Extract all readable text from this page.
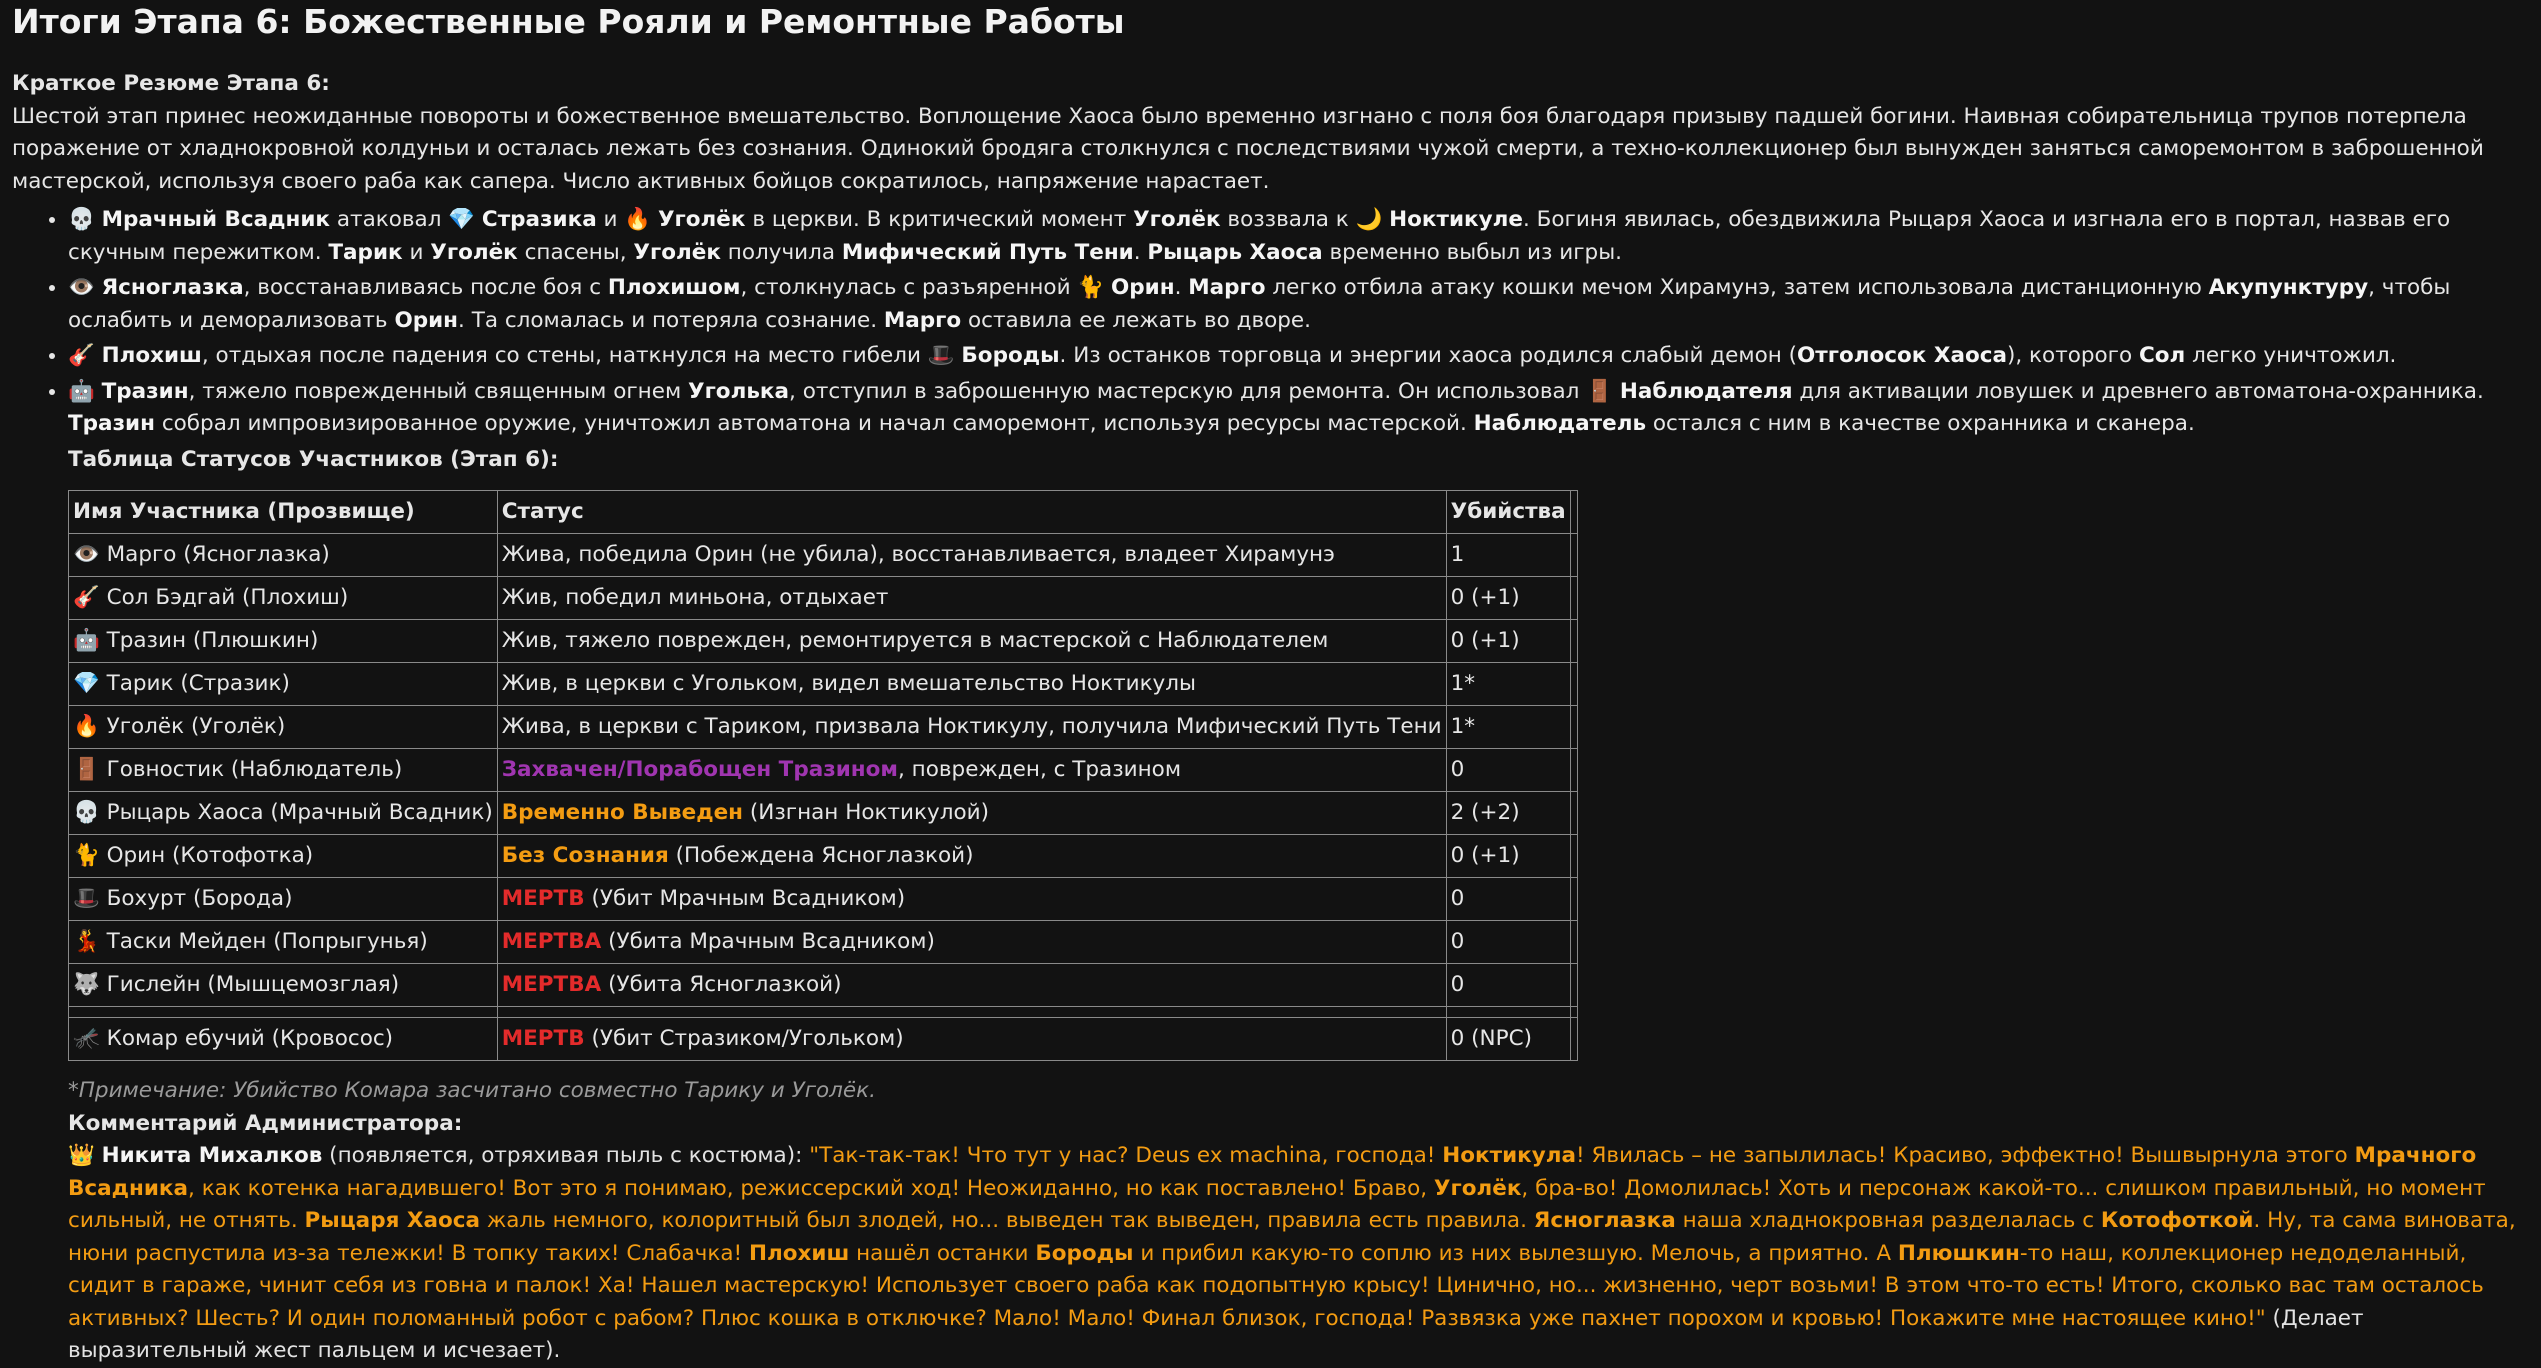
Итоги Этапа 6: Божественные Рояли и Ремонтные Работы
Краткое Резюме Этапа 6:

Шестой этап принес неожиданные повороты и божественное вмешательство. Воплощение Хаоса было временно изгнано с поля боя благодаря призыву падшей богини. Наивная собирательница трупов потерпела поражение от хладнокровной колдуньи и осталась лежать без сознания. Одинокий бродяга столкнулся с последствиями чужой смерти, а техно-коллекционер был вынужден заняться саморемонтом в заброшенной мастерской, используя своего раба как сапера. Число активных бойцов сократилось, напряжение нарастает.

• 💀 Мрачный Всадник атаковал 💎 Стразика и 🔥 Уголёк в церкви. В критический момент Уголёк воззвала к 🌙 Ноктикуле. Богиня явилась, обездвижила Рыцаря Хаоса и изгнала его в портал, назвав его скучным пережитком. Тарик и Уголёк спасены, Уголёк получила Мифический Путь Тени. Рыцарь Хаоса временно выбыл из игры.
• 👁️ Ясноглазка, восстанавливаясь после боя с Плохишом, столкнулась с разъяренной 🐈 Орин. Марго легко отбила атаку кошки мечом Хирамунэ, затем использовала дистанционную Акупунктуру, чтобы ослабить и деморализовать Орин. Та сломалась и потеряла сознание. Марго оставила ее лежать во дворе.
• 🎸 Плохиш, отдыхая после падения со стены, наткнулся на место гибели 🎩 Бороды. Из останков торговца и энергии хаоса родился слабый демон (Отголосок Хаоса), которого Сол легко уничтожил.
• 🤖 Тразин, тяжело поврежденный священным огнем Уголька, отступил в заброшенную мастерскую для ремонта. Он использовал 🚪 Наблюдателя для активации ловушек и древнего автоматона-охранника. Тразин собрал импровизированное оружие, уничтожил автоматона и начал саморемонт, используя ресурсы мастерской. Наблюдатель остался с ним в качестве охранника и сканера.
Таблица Статусов Участников (Этап 6):
Имя Участника (Прозвище)	Статус	Убийства	
👁️ Марго (Ясноглазка)	Жива, победила Орин (не убила), восстанавливается, владеет Хирамунэ	1	
🎸 Сол Бэдгай (Плохиш)	Жив, победил миньона, отдыхает	0 (+1)	
🤖 Тразин (Плюшкин)	Жив, тяжело поврежден, ремонтируется в мастерской с Наблюдателем	0 (+1)	
💎 Тарик (Стразик)	Жив, в церкви с Угольком, видел вмешательство Ноктикулы	1*	
🔥 Уголёк (Уголёк)	Жива, в церкви с Тариком, призвала Ноктикулу, получила Мифический Путь Тени	1*	
🚪 Говностик (Наблюдатель)	Захвачен/Порабощен Тразином, поврежден, с Тразином	0	
💀 Рыцарь Хаоса (Мрачный Всадник)	Временно Выведен (Изгнан Ноктикулой)	2 (+2)	
🐈 Орин (Котофотка)	Без Сознания (Побеждена Ясноглазкой)	0 (+1)	
🎩 Бохурт (Борода)	МЕРТВ (Убит Мрачным Всадником)	0	
💃 Таски Мейден (Попрыгунья)	МЕРТВА (Убита Мрачным Всадником)	0	
🐺 Гислейн (Мышцемозглая)	МЕРТВА (Убита Ясноглазкой)	0	

🦟 Комар ебучий (Кровосос)	МЕРТВ (Убит Стразиком/Угольком)	0 (NPC)	
*Примечание: Убийство Комара засчитано совместно Тарику и Уголёк.
Комментарий Администратора:
👑 Никита Михалков (появляется, отряхивая пыль с костюма): "Так-так-так! Что тут у нас? Deus ex machina, господа! Ноктикула! Явилась – не запылилась! Красиво, эффектно! Вышвырнула этого Мрачного Всадника, как котенка нагадившего! Вот это я понимаю, режиссерский ход! Неожиданно, но как поставлено! Браво, Уголёк, бра-во! Домолилась! Хоть и персонаж какой-то... слишком правильный, но момент сильный, не отнять. Рыцаря Хаоса жаль немного, колоритный был злодей, но... выведен так выведен, правила есть правила. Ясноглазка наша хладнокровная разделалась с Котофоткой. Ну, та сама виновата, нюни распустила из-за тележки! В топку таких! Слабачка! Плохиш нашёл останки Бороды и прибил какую-то соплю из них вылезшую. Мелочь, а приятно. А Плюшкин-то наш, коллекционер недоделанный, сидит в гараже, чинит себя из говна и палок! Ха! Нашел мастерскую! Использует своего раба как подопытную крысу! Цинично, но... жизненно, черт возьми! В этом что-то есть! Итого, сколько вас там осталось активных? Шесть? И один поломанный робот с рабом? Плюс кошка в отключке? Мало! Мало! Финал близок, господа! Развязка уже пахнет порохом и кровью! Покажите мне настоящее кино!" (Делает выразительный жест пальцем и исчезает).
